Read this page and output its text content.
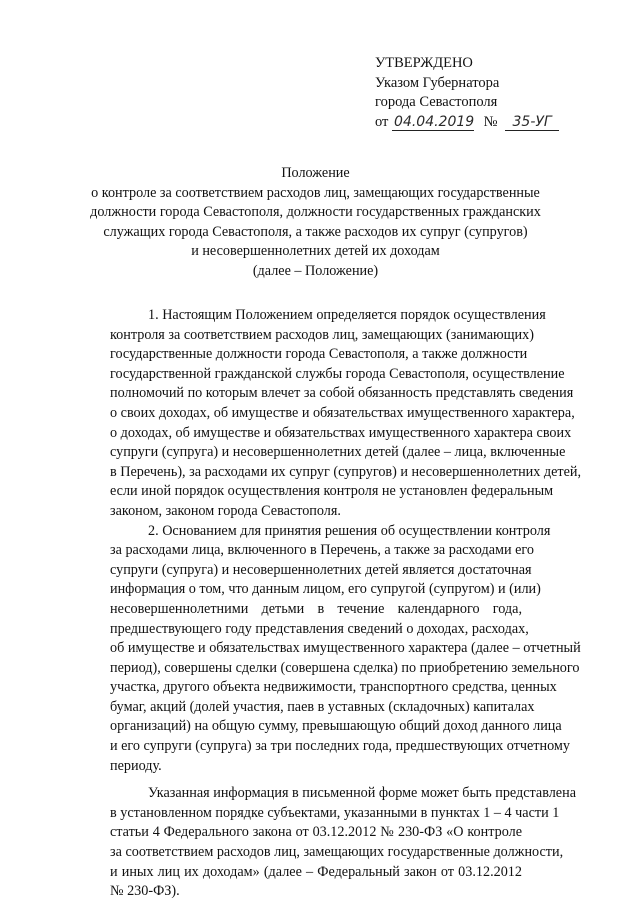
УТВЕРЖДЕНО
Указом Губернатора
города Севастополя
от 04.04.2019 № 35-УГ
Положение
о контроле за соответствием расходов лиц, замещающих государственные
должности города Севастополя, должности государственных гражданских
служащих города Севастополя, а также расходов их супруг (супругов)
и несовершеннолетних детей их доходам
(далее – Положение)
1. Настоящим Положением определяется порядок осуществления
контроля за соответствием расходов лиц, замещающих (занимающих)
государственные должности города Севастополя, а также должности
государственной гражданской службы города Севастополя, осуществление
полномочий по которым влечет за собой обязанность представлять сведения
о своих доходах, об имуществе и обязательствах имущественного характера,
о доходах, об имуществе и обязательствах имущественного характера своих
супруги (супруга) и несовершеннолетних детей (далее – лица, включенные
в Перечень), за расходами их супруг (супругов) и несовершеннолетних детей,
если иной порядок осуществления контроля не установлен федеральным
законом, законом города Севастополя.
2. Основанием для принятия решения об осуществлении контроля
за расходами лица, включенного в Перечень, а также за расходами его
супруги (супруга) и несовершеннолетних детей является достаточная
информация о том, что данным лицом, его супругой (супругом) и (или)
несовершеннолетними детьми в течение календарного года,
предшествующего году представления сведений о доходах, расходах,
об имуществе и обязательствах имущественного характера (далее – отчетный
период), совершены сделки (совершена сделка) по приобретению земельного
участка, другого объекта недвижимости, транспортного средства, ценных
бумаг, акций (долей участия, паев в уставных (складочных) капиталах
организаций) на общую сумму, превышающую общий доход данного лица
и его супруги (супруга) за три последних года, предшествующих отчетному
периоду.
Указанная информация в письменной форме может быть представлена
в установленном порядке субъектами, указанными в пунктах 1 – 4 части 1
статьи 4 Федерального закона от 03.12.2012 № 230-ФЗ «О контроле
за соответствием расходов лиц, замещающих государственные должности,
и иных лиц их доходам» (далее – Федеральный закон от 03.12.2012
№ 230-ФЗ).
